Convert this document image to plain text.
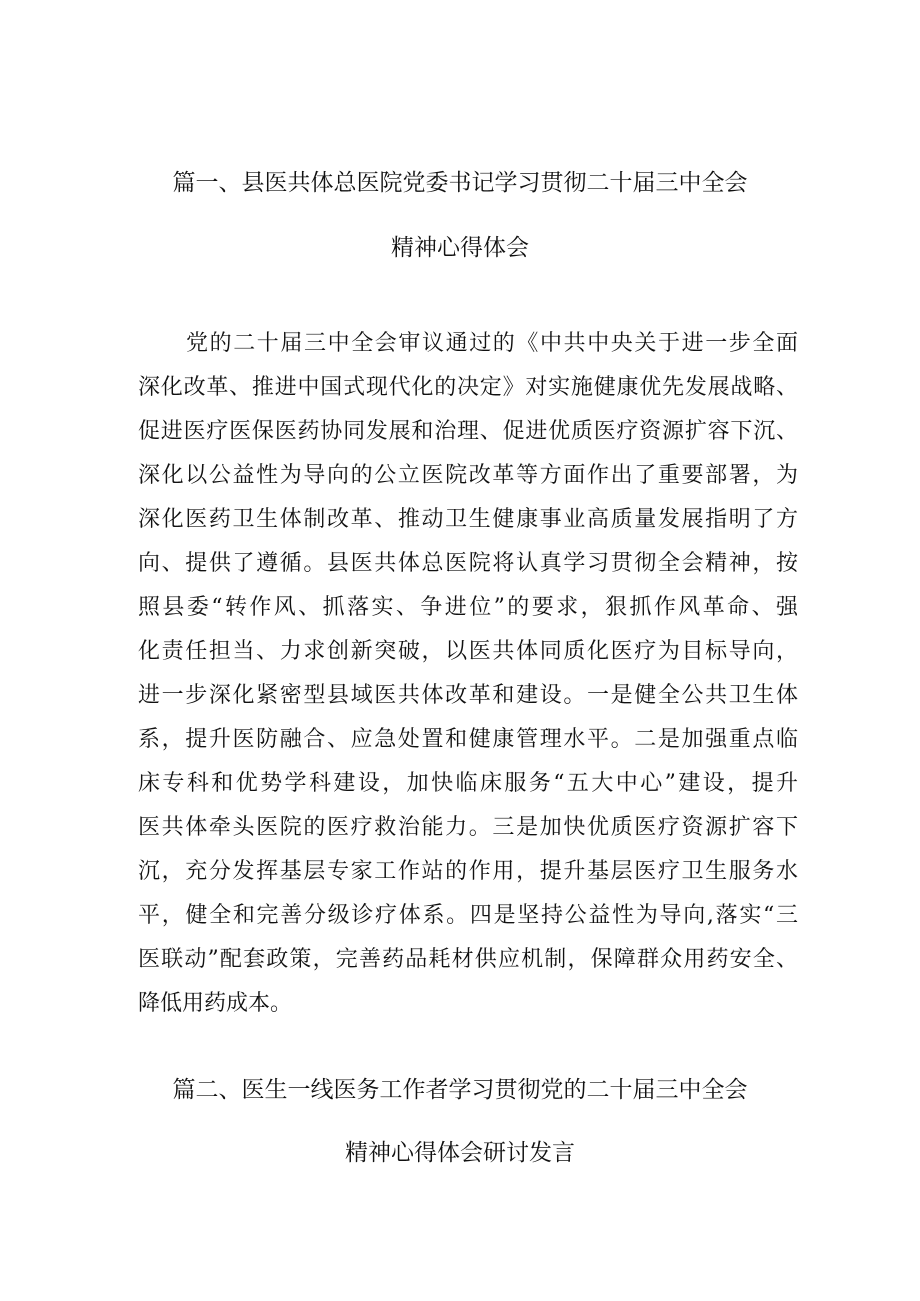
篇一、县医共体总医院党委书记学习贯彻二十届三中全会
精神心得体会
党的二十届三中全会审议通过的《中共中央关于进一步全面
深化改革、推进中国式现代化的决定》对实施健康优先发展战略、
促进医疗医保医药协同发展和治理、促进优质医疗资源扩容下沉、
深化以公益性为导向的公立医院改革等方面作出了重要部署，为
深化医药卫生体制改革、推动卫生健康事业高质量发展指明了方
向、提供了遵循。县医共体总医院将认真学习贯彻全会精神，按
照县委“转作风、抓落实、争进位”的要求，狠抓作风革命、强
化责任担当、力求创新突破，以医共体同质化医疗为目标导向，
进一步深化紧密型县域医共体改革和建设。一是健全公共卫生体
系，提升医防融合、应急处置和健康管理水平。二是加强重点临
床专科和优势学科建设，加快临床服务“五大中心”建设，提升
医共体牵头医院的医疗救治能力。三是加快优质医疗资源扩容下
沉，充分发挥基层专家工作站的作用，提升基层医疗卫生服务水
平，健全和完善分级诊疗体系。四是坚持公益性为导向,落实“三
医联动”配套政策，完善药品耗材供应机制，保障群众用药安全、
降低用药成本。
篇二、医生一线医务工作者学习贯彻党的二十届三中全会
精神心得体会研讨发言
